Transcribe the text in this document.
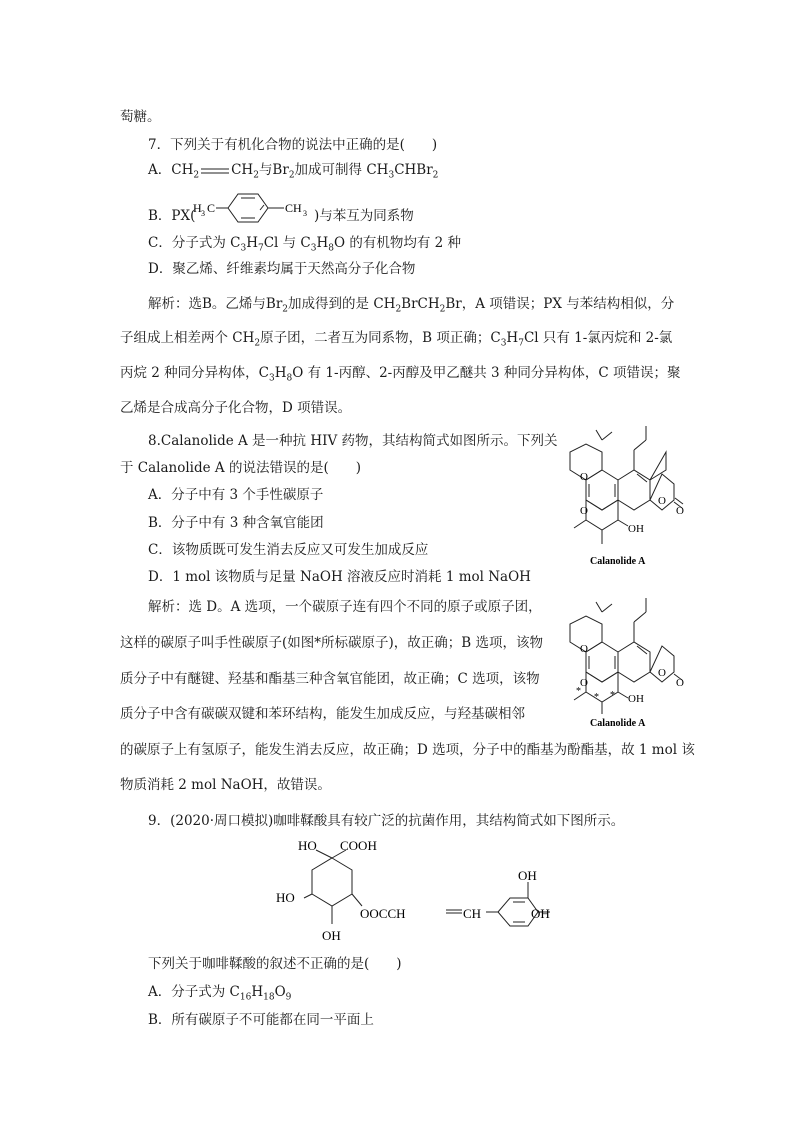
萄糖。
7．下列关于有机化合物的说法中正确的是(　　)
A．$CH_2$ $CH_2$与$Br_2$加成可制得 $CH_3CHBr_2$
B．PX(
H 3 C	CH 3 )与苯互为同系物
C．分子式为 $C_3H_7Cl$ 与 $C_3H_8O$ 的有机物均有 2 种
D．聚乙烯、纤维素均属于天然高分子化合物
解析：选B。乙烯与$Br_2$加成得到的是 $CH_2BrCH_2Br$，A 项错误；PX 与苯结构相似，分
子组成上相差两个 $CH_2$原子团，二者互为同系物，B 项正确；$C_3H_7Cl$ 只有 1-氯丙烷和 2-氯
丙烷 2 种同分异构体，$C_3H_8O$ 有 1-丙醇、2-丙醇及甲乙醚共 3 种同分异构体，C 项错误；聚
乙烯是合成高分子化合物，D 项错误。
8.Calanolide A 是一种抗 HIV 药物，其结构简式如图所示。下列关
于 Calanolide A 的说法错误的是(　　)
A．分子中有 3 个手性碳原子
B．分子中有 3 种含氧官能团
C．该物质既可发生消去反应又可发生加成反应
D．1 mol 该物质与足量 NaOH 溶液反应时消耗 1 mol NaOH
O
O
O
O
OH
Calanolide A
解析：选 D。A 选项，一个碳原子连有四个不同的原子或原子团，
这样的碳原子叫手性碳原子(如图*所标碳原子)，故正确；B 选项，该物
质分子中有醚键、羟基和酯基三种含氧官能团，故正确；C 选项，该物
质分子中含有碳碳双键和苯环结构，能发生加成反应，与羟基碳相邻
的碳原子上有氢原子，能发生消去反应，故正确；D 选项，分子中的酯基为酚酯基，故 1 mol 该
物质消耗 2 mol NaOH，故错误。
O
O
O
O
OH
*
* *
Calanolide A
9．(2020·周口模拟)咖啡鞣酸具有较广泛的抗菌作用，其结构简式如下图所示。
HO COOH
HO
OH
OOCCH	CH
OH
OH
下列关于咖啡鞣酸的叙述不正确的是(　　)
A．分子式为 $C_{16}H_{18}O_9$
B．所有碳原子不可能都在同一平面上
